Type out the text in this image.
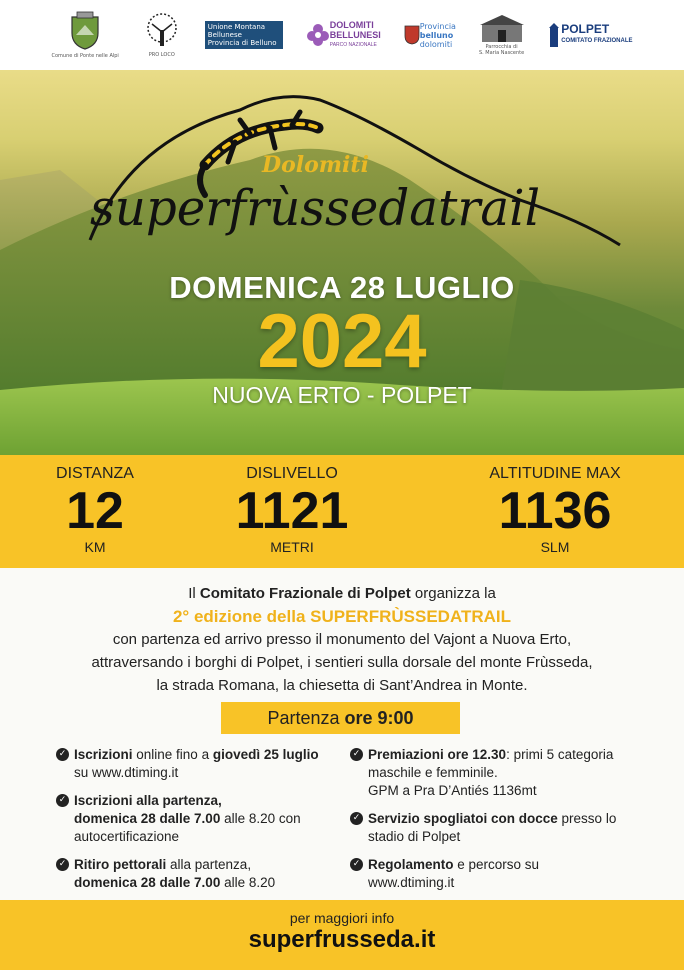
Comune di Ponte nelle Alpi	PRO LOCO
Unione Montana
Bellunese
Provincia di Belluno
DOLOMITI
BELLUNESI
PARCO NAZIONALE
Provincia
belluno
dolomiti	Parrocchia di
S. Maria Nascente
POLPET
COMITATO FRAZIONALE
Dolomiti
superfrùssedatrail
DOMENICA 28 LUGLIO
2024
NUOVA ERTO - POLPET
DISTANZA
12
KM
DISLIVELLO
1121
METRI
ALTITUDINE MAX
1136
SLM
Il Comitato Frazionale di Polpet organizza la
2° edizione della SUPERFRÙSSEDATRAIL
con partenza ed arrivo presso il monumento del Vajont a Nuova Erto,
attraversando i borghi di Polpet, i sentieri sulla dorsale del monte Frùsseda,
la strada Romana, la chiesetta di Sant’Andrea in Monte.
Partenza ore 9:00
✓ Iscrizioni online fino a giovedì 25 luglio
su www.dtiming.it
✓ Iscrizioni alla partenza,
domenica 28 dalle 7.00 alle 8.20 con
autocertificazione
✓ Ritiro pettorali alla partenza,
domenica 28 dalle 7.00 alle 8.20
✓ Premiazioni ore 12.30: primi 5 categoria
maschile e femminile.
GPM a Pra D’Antiés 1136mt
✓ Servizio spogliatoi con docce presso lo
stadio di Polpet
✓ Regolamento e percorso su
www.dtiming.it
per maggiori info
superfrusseda.it
